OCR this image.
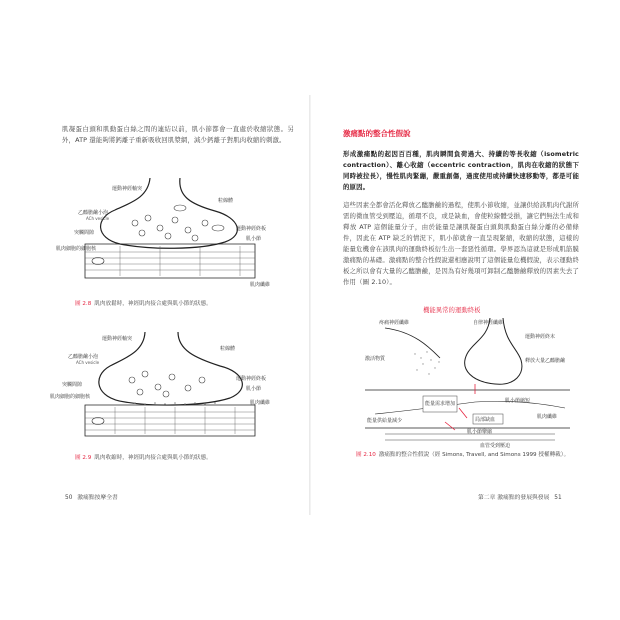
肌凝蛋白頭和肌動蛋白絲之間的連結以前，肌小節都會一直處於收縮狀態。另外，ATP 還能夠將鈣離子重新吸收回肌漿網，減少鈣離子對肌肉收縮的刺激。

運動神經軸突
粒線體
乙醯膽鹼小泡
ACh vesicle
突觸間隙
運動神經終板
肌小節
肌肉細胞的細胞核
肌肉纖維
圖 2.8 肌肉放鬆時，神經肌肉接合處與肌小節的狀態。
運動神經軸突
粒線體
乙醯膽鹼小泡
ACh vesicle
突觸間隙
運動神經終板
肌小節
肌肉細胞的細胞核
肌肉纖維
圖 2.9 肌肉收縮時，神經肌肉接合處與肌小節的狀態。
50 激痛點按摩全書
激痛點的整合性假說

形成激痛點的起因百百種，肌肉瞬間負荷過大、持續的等長收縮（isometric contraction）、離心收縮（eccentric contraction，肌肉在收縮的狀態下同時被拉長），慢性肌肉緊繃，嚴重創傷，過度使用或持續快速移動等，都是可能的原因。

這些因素全都會活化釋放乙醯膽鹼的過程，使肌小節收縮，並讓供給該肌肉代謝所需的微血管受到壓迫，循環不良，或是缺血，會使粒線體受損，讓它們無法生成和釋放 ATP 這個能量分子，由於能量是讓肌凝蛋白頭與肌動蛋白絲分離的必備條件，因此在 ATP 缺乏的情況下，肌小節就會一直呈現緊縮，收縮的狀態，這樣的能量危機會在該肌肉的運動終板衍生出一套惡性循環。學界認為這就是形成肌筋膜激痛點的基礎。激痛點的整合性假說還相應說明了這個能量危機假說，表示運動終板之所以會有大量的乙醯膽鹼，是因為有好幾項可卸制乙醯膽鹼釋放的因素失去了作用（圖 2.10）。

機能異常的運動終板
自律神經纖維
疼痛神經纖維
運動神經終末
釋放大量乙醯膽鹼
激活物質
能量需求增加
能量供給量減少	局部缺血
肌小節縮短
肌小節攣縮
肌肉纖維
血管受到壓迫
圖 2.10 激痛點的整合性假說（經 Simons, Travell, and Simons 1999 授權轉載）。
第二章 激痛點的發展與發展 51
